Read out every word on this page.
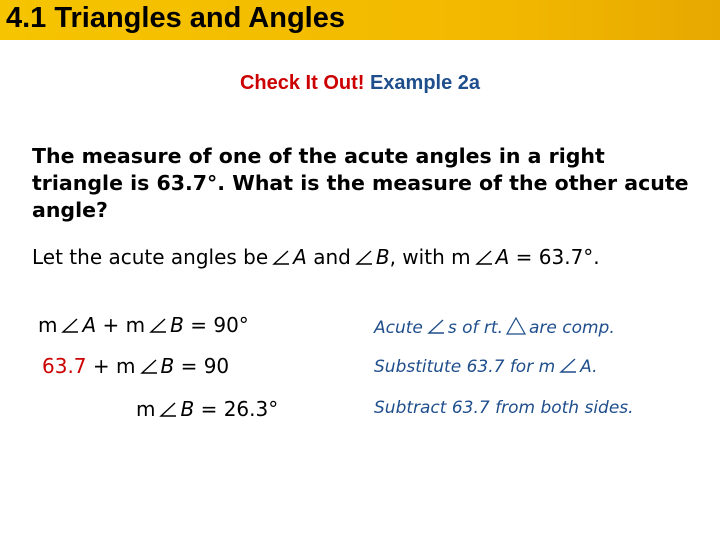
4.1 Triangles and Angles
Check It Out! Example 2a
The measure of one of the acute angles in a right triangle is 63.7°. What is the measure of the other acute angle?
Let the acute angles be A and B, with m A = 63.7°.
m A + m B = 90°
63.7 + m B = 90
m B = 26.3°
Acute s of rt. are comp.
Substitute 63.7 for m A.
Subtract 63.7 from both sides.
